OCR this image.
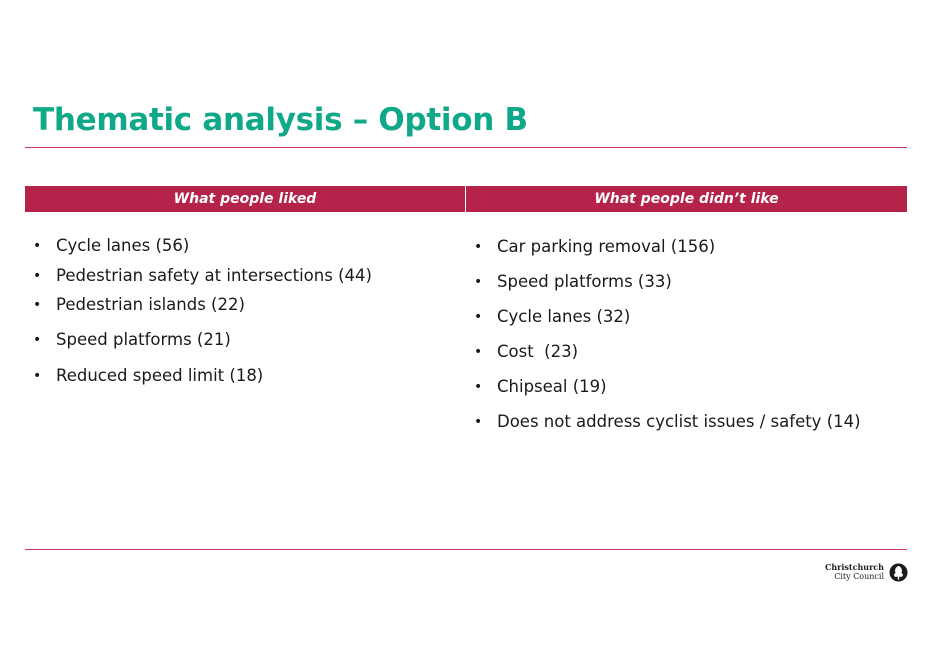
Thematic analysis – Option B
What people liked	What people didn’t like
• Cycle lanes (56)
• Pedestrian safety at intersections (44)
• Pedestrian islands (22)
• Speed platforms (21)
• Reduced speed limit (18)
• Car parking removal (156)
• Speed platforms (33)
• Cycle lanes (32)
• Cost  (23)
• Chipseal (19)
• Does not address cyclist issues / safety (14)
Christchurch
City Council
